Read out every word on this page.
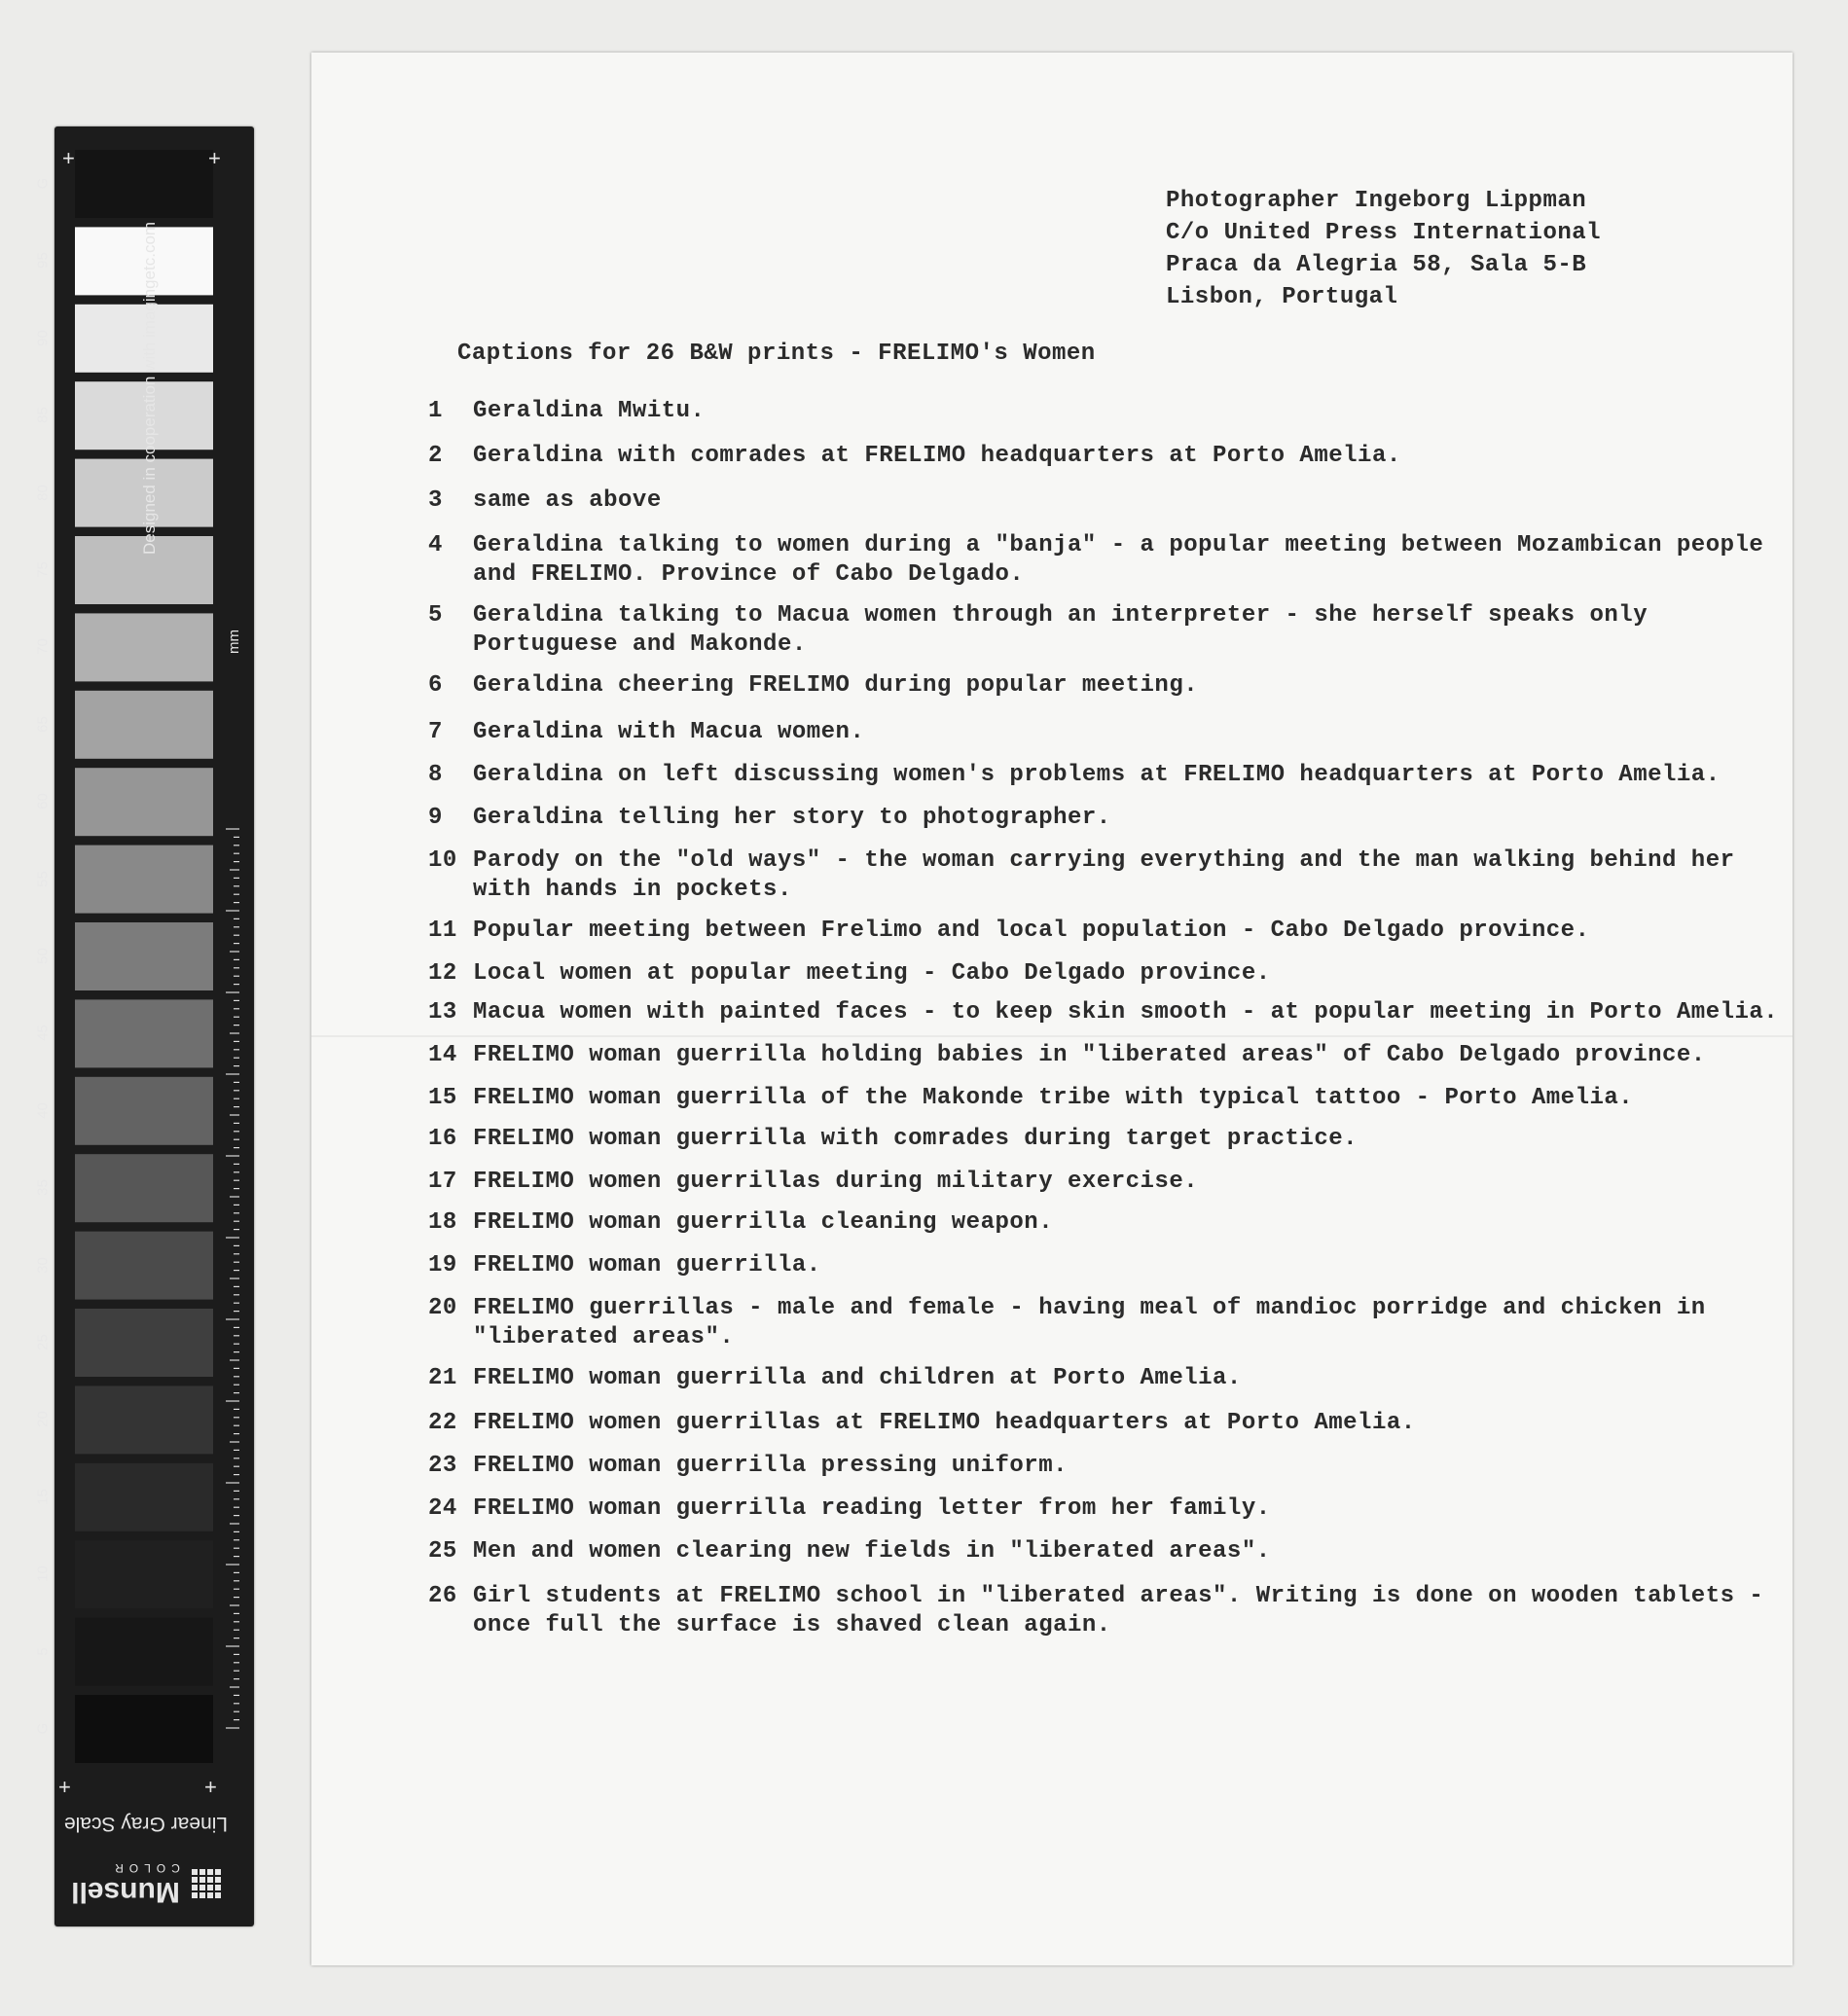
G
95
90
85
80
75
70
65
60
55
50
45
40
35
30
25
20
15
10
5
G
Designed in cooperation with imagingetc.com
mm
+	+
+	+
Linear Gray Scale
Munsell
COLOR
Photographer Ingeborg Lippman
C/o United Press International
Praca da Alegria 58, Sala 5-B
Lisbon, Portugal
Captions for 26 B&W prints - FRELIMO's Women
1	Geraldina Mwitu.
2	Geraldina with comrades at FRELIMO headquarters at Porto Amelia.
3	same as above
4	Geraldina talking to women during a "banja" - a popular meeting between Mozambican people and FRELIMO. Province of Cabo Delgado.
5	Geraldina talking to Macua women through an interpreter - she herself speaks only Portuguese and Makonde.
6	Geraldina cheering FRELIMO during popular meeting.
7	Geraldina with Macua women.
8	Geraldina on left discussing women's problems at FRELIMO headquarters at Porto Amelia.
9	Geraldina telling her story to photographer.
10 Parody on the "old ways" - the woman carrying everything and the man walking behind her with hands in pockets.
11 Popular meeting between Frelimo and local population - Cabo Delgado province.
12 Local women at popular meeting - Cabo Delgado province.
13 Macua women with painted faces - to keep skin smooth - at popular meeting in Porto Amelia.
14 FRELIMO woman guerrilla holding babies in "liberated areas" of Cabo Delgado province.
15 FRELIMO woman guerrilla of the Makonde tribe with typical tattoo - Porto Amelia.
16 FRELIMO woman guerrilla with comrades during target practice.
17 FRELIMO women guerrillas during military exercise.
18 FRELIMO woman guerrilla cleaning weapon.
19 FRELIMO woman guerrilla.
20 FRELIMO guerrillas - male and female - having meal of mandioc porridge and chicken in "liberated areas".
21 FRELIMO woman guerrilla and children at Porto Amelia.
22 FRELIMO women guerrillas at FRELIMO headquarters at Porto Amelia.
23 FRELIMO woman guerrilla pressing uniform.
24 FRELIMO woman guerrilla reading letter from her family.
25 Men and women clearing new fields in "liberated areas".
26 Girl students at FRELIMO school in "liberated areas". Writing is done on wooden tablets - once full the surface is shaved clean again.
